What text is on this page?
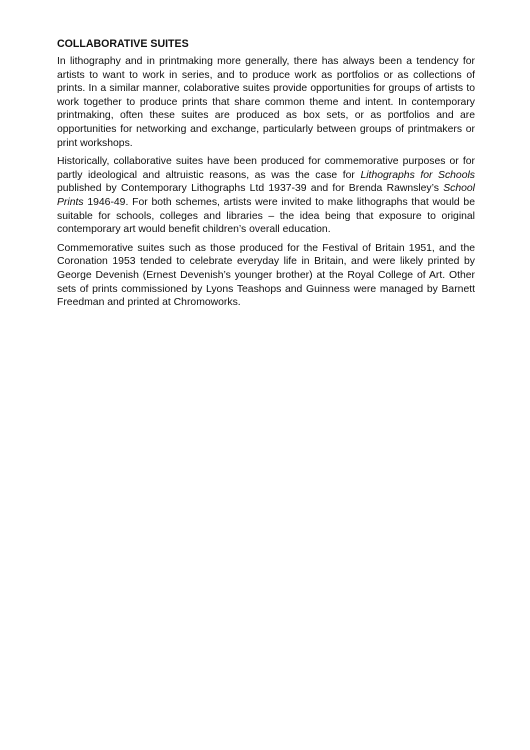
COLLABORATIVE SUITES

In lithography and in printmaking more generally, there has always been a tendency for artists to want to work in series, and to produce work as portfolios or as collections of prints. In a similar manner, colaborative suites provide opportunities for groups of artists to work together to produce prints that share common theme and intent. In contemporary printmaking, often these suites are produced as box sets, or as portfolios and are opportunities for networking and exchange, particularly between groups of printmakers or print workshops.

Historically, collaborative suites have been produced for commemorative purposes or for partly ideological and altruistic reasons, as was the case for Lithographs for Schools published by Contemporary Lithographs Ltd 1937-39 and for Brenda Rawnsley’s School Prints 1946-49. For both schemes, artists were invited to make lithographs that would be suitable for schools, colleges and libraries – the idea being that exposure to original contemporary art would benefit children’s overall education.

Commemorative suites such as those produced for the Festival of Britain 1951, and the Coronation 1953 tended to celebrate everyday life in Britain, and were likely printed by George Devenish (Ernest Devenish’s younger brother) at the Royal College of Art. Other sets of prints commissioned by Lyons Teashops and Guinness were managed by Barnett Freedman and printed at Chromoworks.
